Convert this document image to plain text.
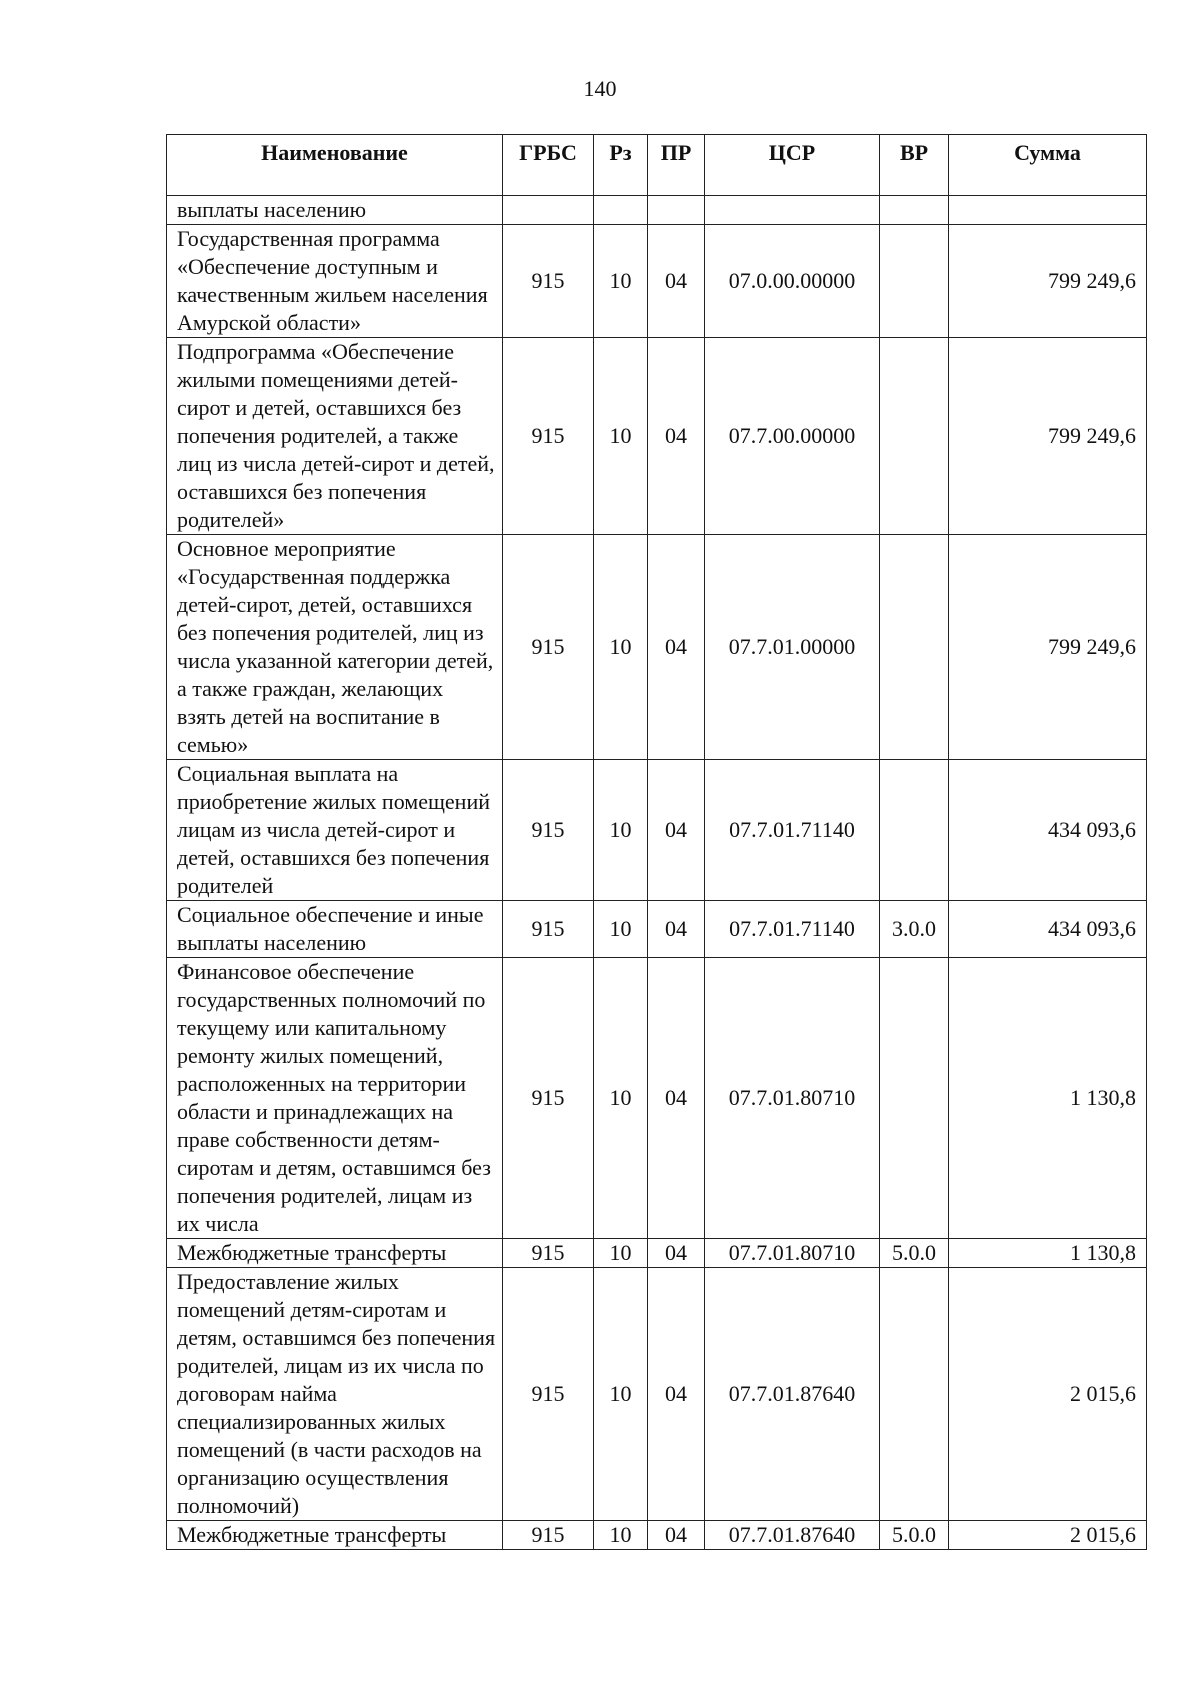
140
Наименование	ГРБС	Рз	ПР	ЦСР	ВР	Сумма
выплаты населению						
Государственная программа «Обеспечение доступным и качественным жильем населения Амурской области»	915	10	04	07.0.00.00000		799 249,6
Подпрограмма «Обеспечение жилыми помещениями детей-сирот и детей, оставшихся без попечения родителей, а также лиц из числа детей-сирот и детей, оставшихся без попечения родителей»	915	10	04	07.7.00.00000		799 249,6
Основное мероприятие «Государственная поддержка детей-сирот, детей, оставшихся без попечения родителей, лиц из числа указанной категории детей, а также граждан, желающих взять детей на воспитание в семью»	915	10	04	07.7.01.00000		799 249,6
Социальная выплата на приобретение жилых помещений лицам из числа детей-сирот и детей, оставшихся без попечения родителей	915	10	04	07.7.01.71140		434 093,6
Социальное обеспечение и иные выплаты населению	915	10	04	07.7.01.71140	3.0.0	434 093,6
Финансовое обеспечение государственных полномочий по текущему или капитальному ремонту жилых помещений, расположенных на территории области и принадлежащих на праве собственности детям-сиротам и детям, оставшимся без попечения родителей, лицам из их числа	915	10	04	07.7.01.80710		1 130,8
Межбюджетные трансферты	915	10	04	07.7.01.80710	5.0.0	1 130,8
Предоставление жилых помещений детям-сиротам и детям, оставшимся без попечения родителей, лицам из их числа по договорам найма специализированных жилых помещений (в части расходов на организацию осуществления полномочий)	915	10	04	07.7.01.87640		2 015,6
Межбюджетные трансферты	915	10	04	07.7.01.87640	5.0.0	2 015,6
